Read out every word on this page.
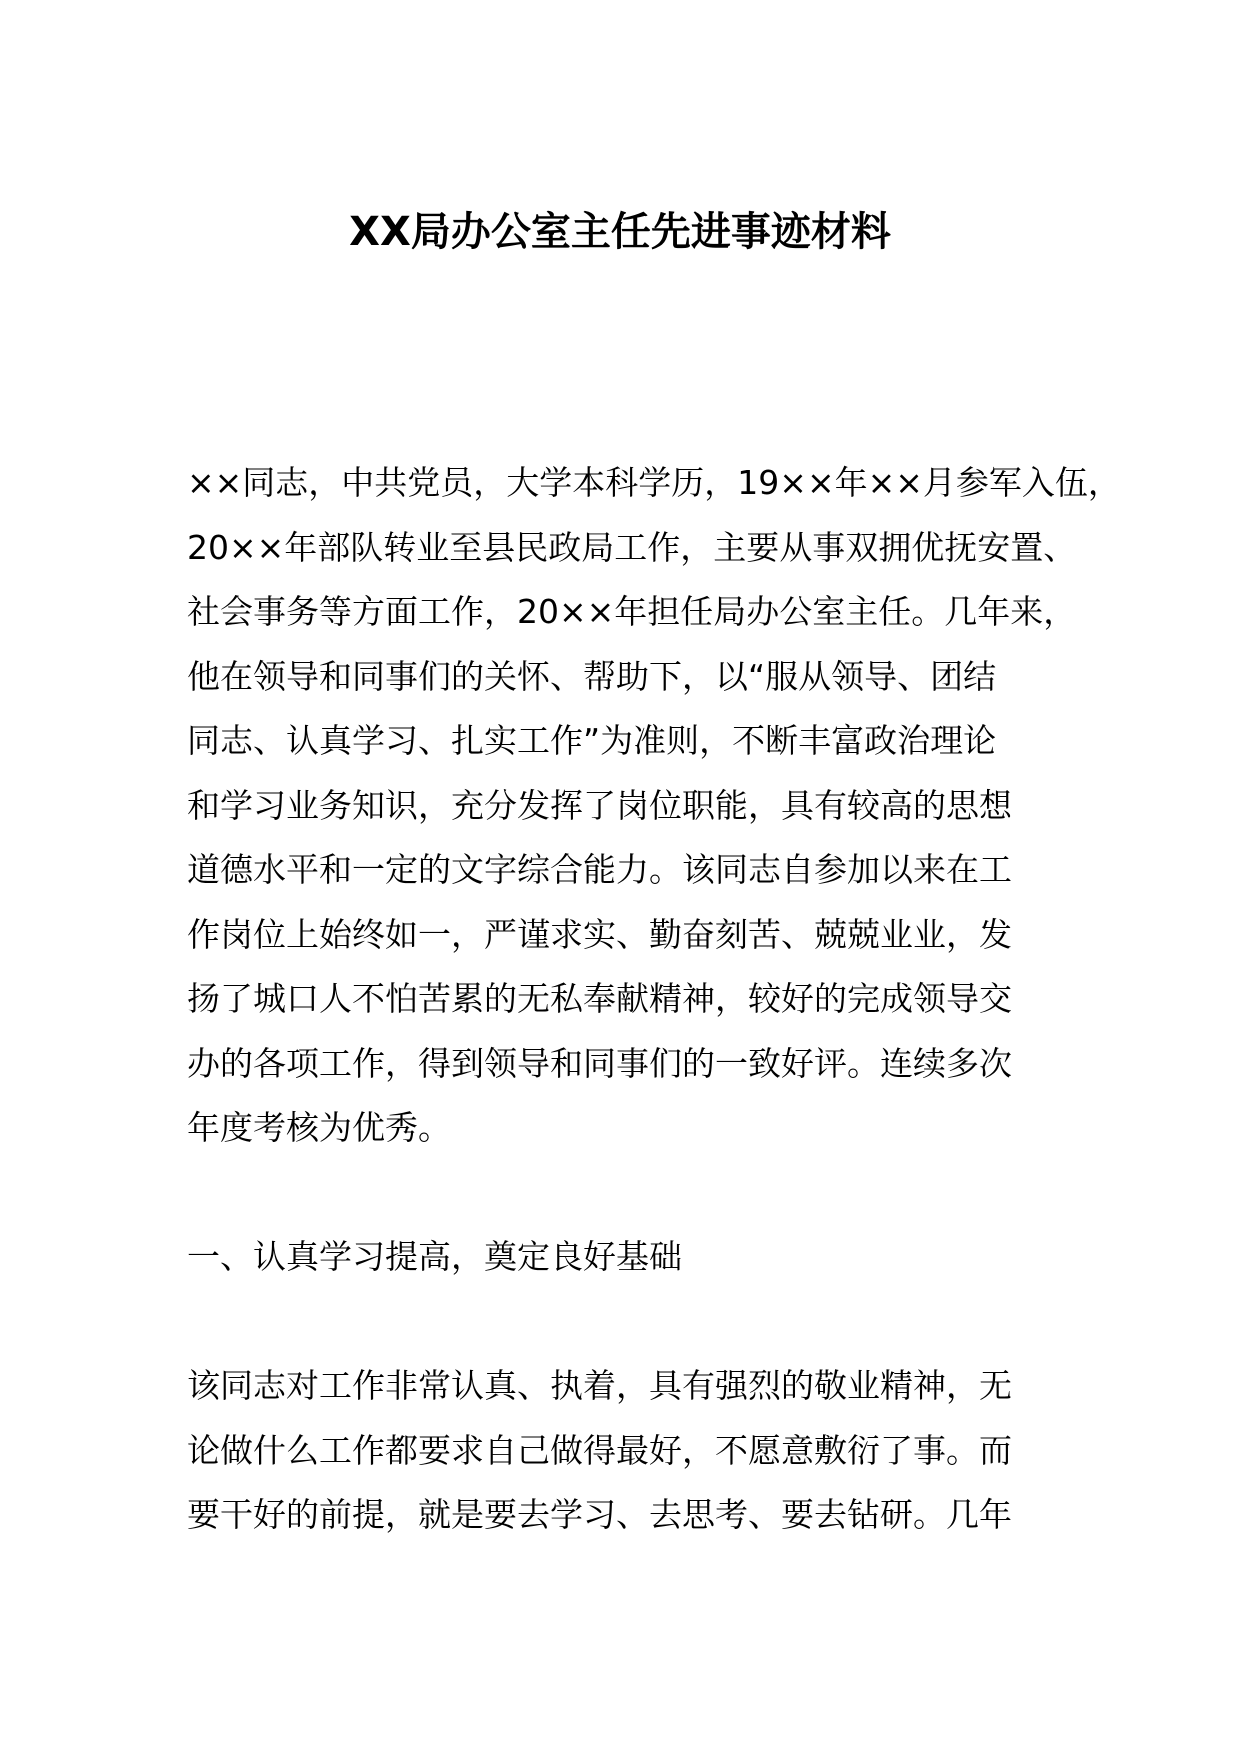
XX局办公室主任先进事迹材料
××同志，中共党员，大学本科学历，19××年××月参军入伍，
20××年部队转业至县民政局工作，主要从事双拥优抚安置、
社会事务等方面工作，20××年担任局办公室主任。几年来，
他在领导和同事们的关怀、帮助下，以“服从领导、团结
同志、认真学习、扎实工作”为准则，不断丰富政治理论
和学习业务知识，充分发挥了岗位职能，具有较高的思想
道德水平和一定的文字综合能力。该同志自参加以来在工
作岗位上始终如一，严谨求实、勤奋刻苦、兢兢业业，发
扬了城口人不怕苦累的无私奉献精神，较好的完成领导交
办的各项工作，得到领导和同事们的一致好评。连续多次
年度考核为优秀。
一、认真学习提高，奠定良好基础
该同志对工作非常认真、执着，具有强烈的敬业精神，无
论做什么工作都要求自己做得最好，不愿意敷衍了事。而
要干好的前提，就是要去学习、去思考、要去钻研。几年
